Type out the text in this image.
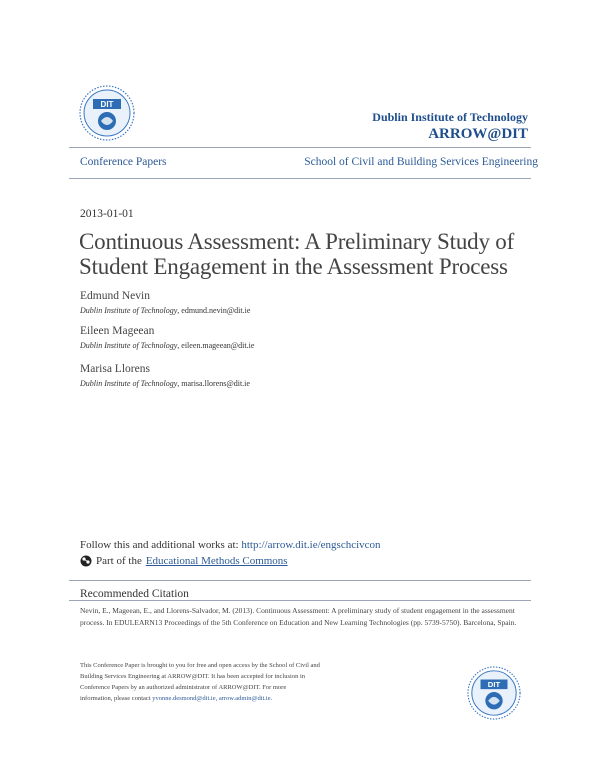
DIT
Dublin Institute of Technology
ARROW@DIT
Conference Papers	School of Civil and Building Services Engineering
2013-01-01
Continuous Assessment: A Preliminary Study of Student Engagement in the Assessment Process
Edmund Nevin
Dublin Institute of Technology, edmund.nevin@dit.ie
Eileen Mageean
Dublin Institute of Technology, eileen.mageean@dit.ie
Marisa Llorens
Dublin Institute of Technology, marisa.llorens@dit.ie
Follow this and additional works at: http://arrow.dit.ie/engschcivcon
Part of the Educational Methods Commons
Recommended Citation
Nevin, E., Mageean, E., and Llorens-Salvador, M. (2013). Continuous Assessment: A preliminary study of student engagement in the assessment process. In EDULEARN13 Proceedings of the 5th Conference on Education and New Learning Technologies (pp. 5739-5750). Barcelona, Spain.
This Conference Paper is brought to you for free and open access by the School of Civil and Building Services Engineering at ARROW@DIT. It has been accepted for inclusion in Conference Papers by an authorized administrator of ARROW@DIT. For more information, please contact yvonne.desmond@dit.ie, arrow.admin@dit.ie.
DIT
